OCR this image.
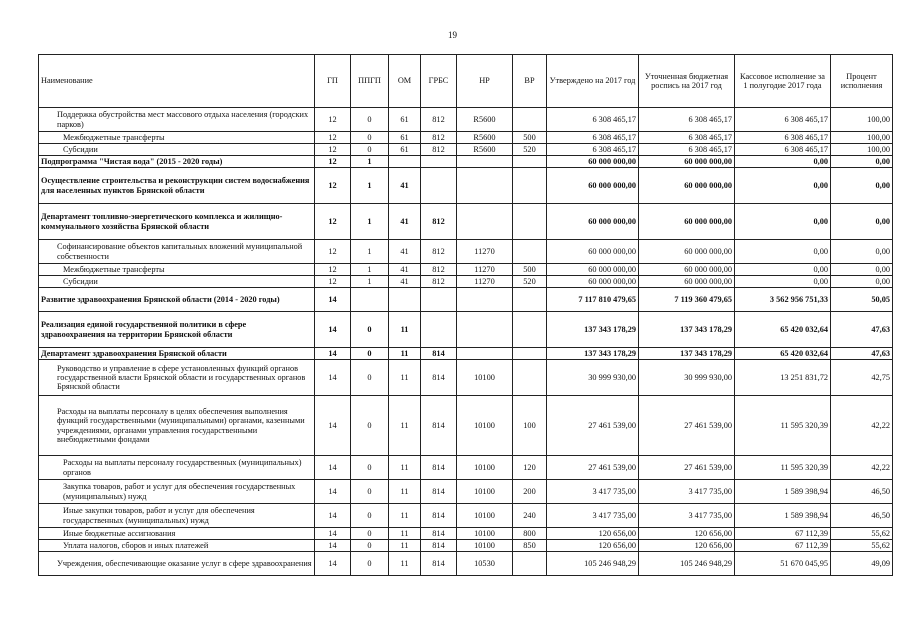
19
Наименование	ГП	ППГП	ОМ	ГРБС	НР	ВР	Утверждено на 2017 год	Уточненная бюджетная роспись на 2017 год	Кассовое исполнение за 1 полугодие 2017 года	Процент исполнения
Поддержка обустройства мест массового отдыха населения (городских парков)	12	0	61	812	R5600		6 308 465,17	6 308 465,17	6 308 465,17	100,00
Межбюджетные трансферты	12	0	61	812	R5600	500	6 308 465,17	6 308 465,17	6 308 465,17	100,00
Субсидии	12	0	61	812	R5600	520	6 308 465,17	6 308 465,17	6 308 465,17	100,00
Подпрограмма "Чистая вода" (2015 - 2020 годы)	12	1					60 000 000,00	60 000 000,00	0,00	0,00
Осуществление строительства и реконструкции систем водоснабжения для населенных пунктов Брянской области	12	1	41				60 000 000,00	60 000 000,00	0,00	0,00
Департамент топливно-энергетического комплекса и жилищно-коммунального хозяйства Брянской области	12	1	41	812			60 000 000,00	60 000 000,00	0,00	0,00
Софинансирование объектов капитальных вложений муниципальной собственности	12	1	41	812	11270		60 000 000,00	60 000 000,00	0,00	0,00
Межбюджетные трансферты	12	1	41	812	11270	500	60 000 000,00	60 000 000,00	0,00	0,00
Субсидии	12	1	41	812	11270	520	60 000 000,00	60 000 000,00	0,00	0,00
Развитие здравоохранения Брянской области (2014 - 2020 годы)	14						7 117 810 479,65	7 119 360 479,65	3 562 956 751,33	50,05
Реализация единой государственной политики в сфере здравоохранения на территории Брянской области	14	0	11				137 343 178,29	137 343 178,29	65 420 032,64	47,63
Департамент здравоохранения Брянской области	14	0	11	814			137 343 178,29	137 343 178,29	65 420 032,64	47,63
Руководство и управление в сфере установленных функций органов государственной власти Брянской области и государственных органов Брянской области	14	0	11	814	10100		30 999 930,00	30 999 930,00	13 251 831,72	42,75
Расходы на выплаты персоналу в целях обеспечения выполнения функций государственными (муниципальными) органами, казенными учреждениями, органами управления государственными внебюджетными фондами	14	0	11	814	10100	100	27 461 539,00	27 461 539,00	11 595 320,39	42,22
Расходы на выплаты персоналу государственных (муниципальных) органов	14	0	11	814	10100	120	27 461 539,00	27 461 539,00	11 595 320,39	42,22
Закупка товаров, работ и услуг для обеспечения государственных (муниципальных) нужд	14	0	11	814	10100	200	3 417 735,00	3 417 735,00	1 589 398,94	46,50
Иные закупки товаров, работ и услуг для обеспечения государственных (муниципальных) нужд	14	0	11	814	10100	240	3 417 735,00	3 417 735,00	1 589 398,94	46,50
Иные бюджетные ассигнования	14	0	11	814	10100	800	120 656,00	120 656,00	67 112,39	55,62
Уплата налогов, сборов и иных платежей	14	0	11	814	10100	850	120 656,00	120 656,00	67 112,39	55,62
Учреждения, обеспечивающие оказание услуг в сфере здравоохранения	14	0	11	814	10530		105 246 948,29	105 246 948,29	51 670 045,95	49,09
